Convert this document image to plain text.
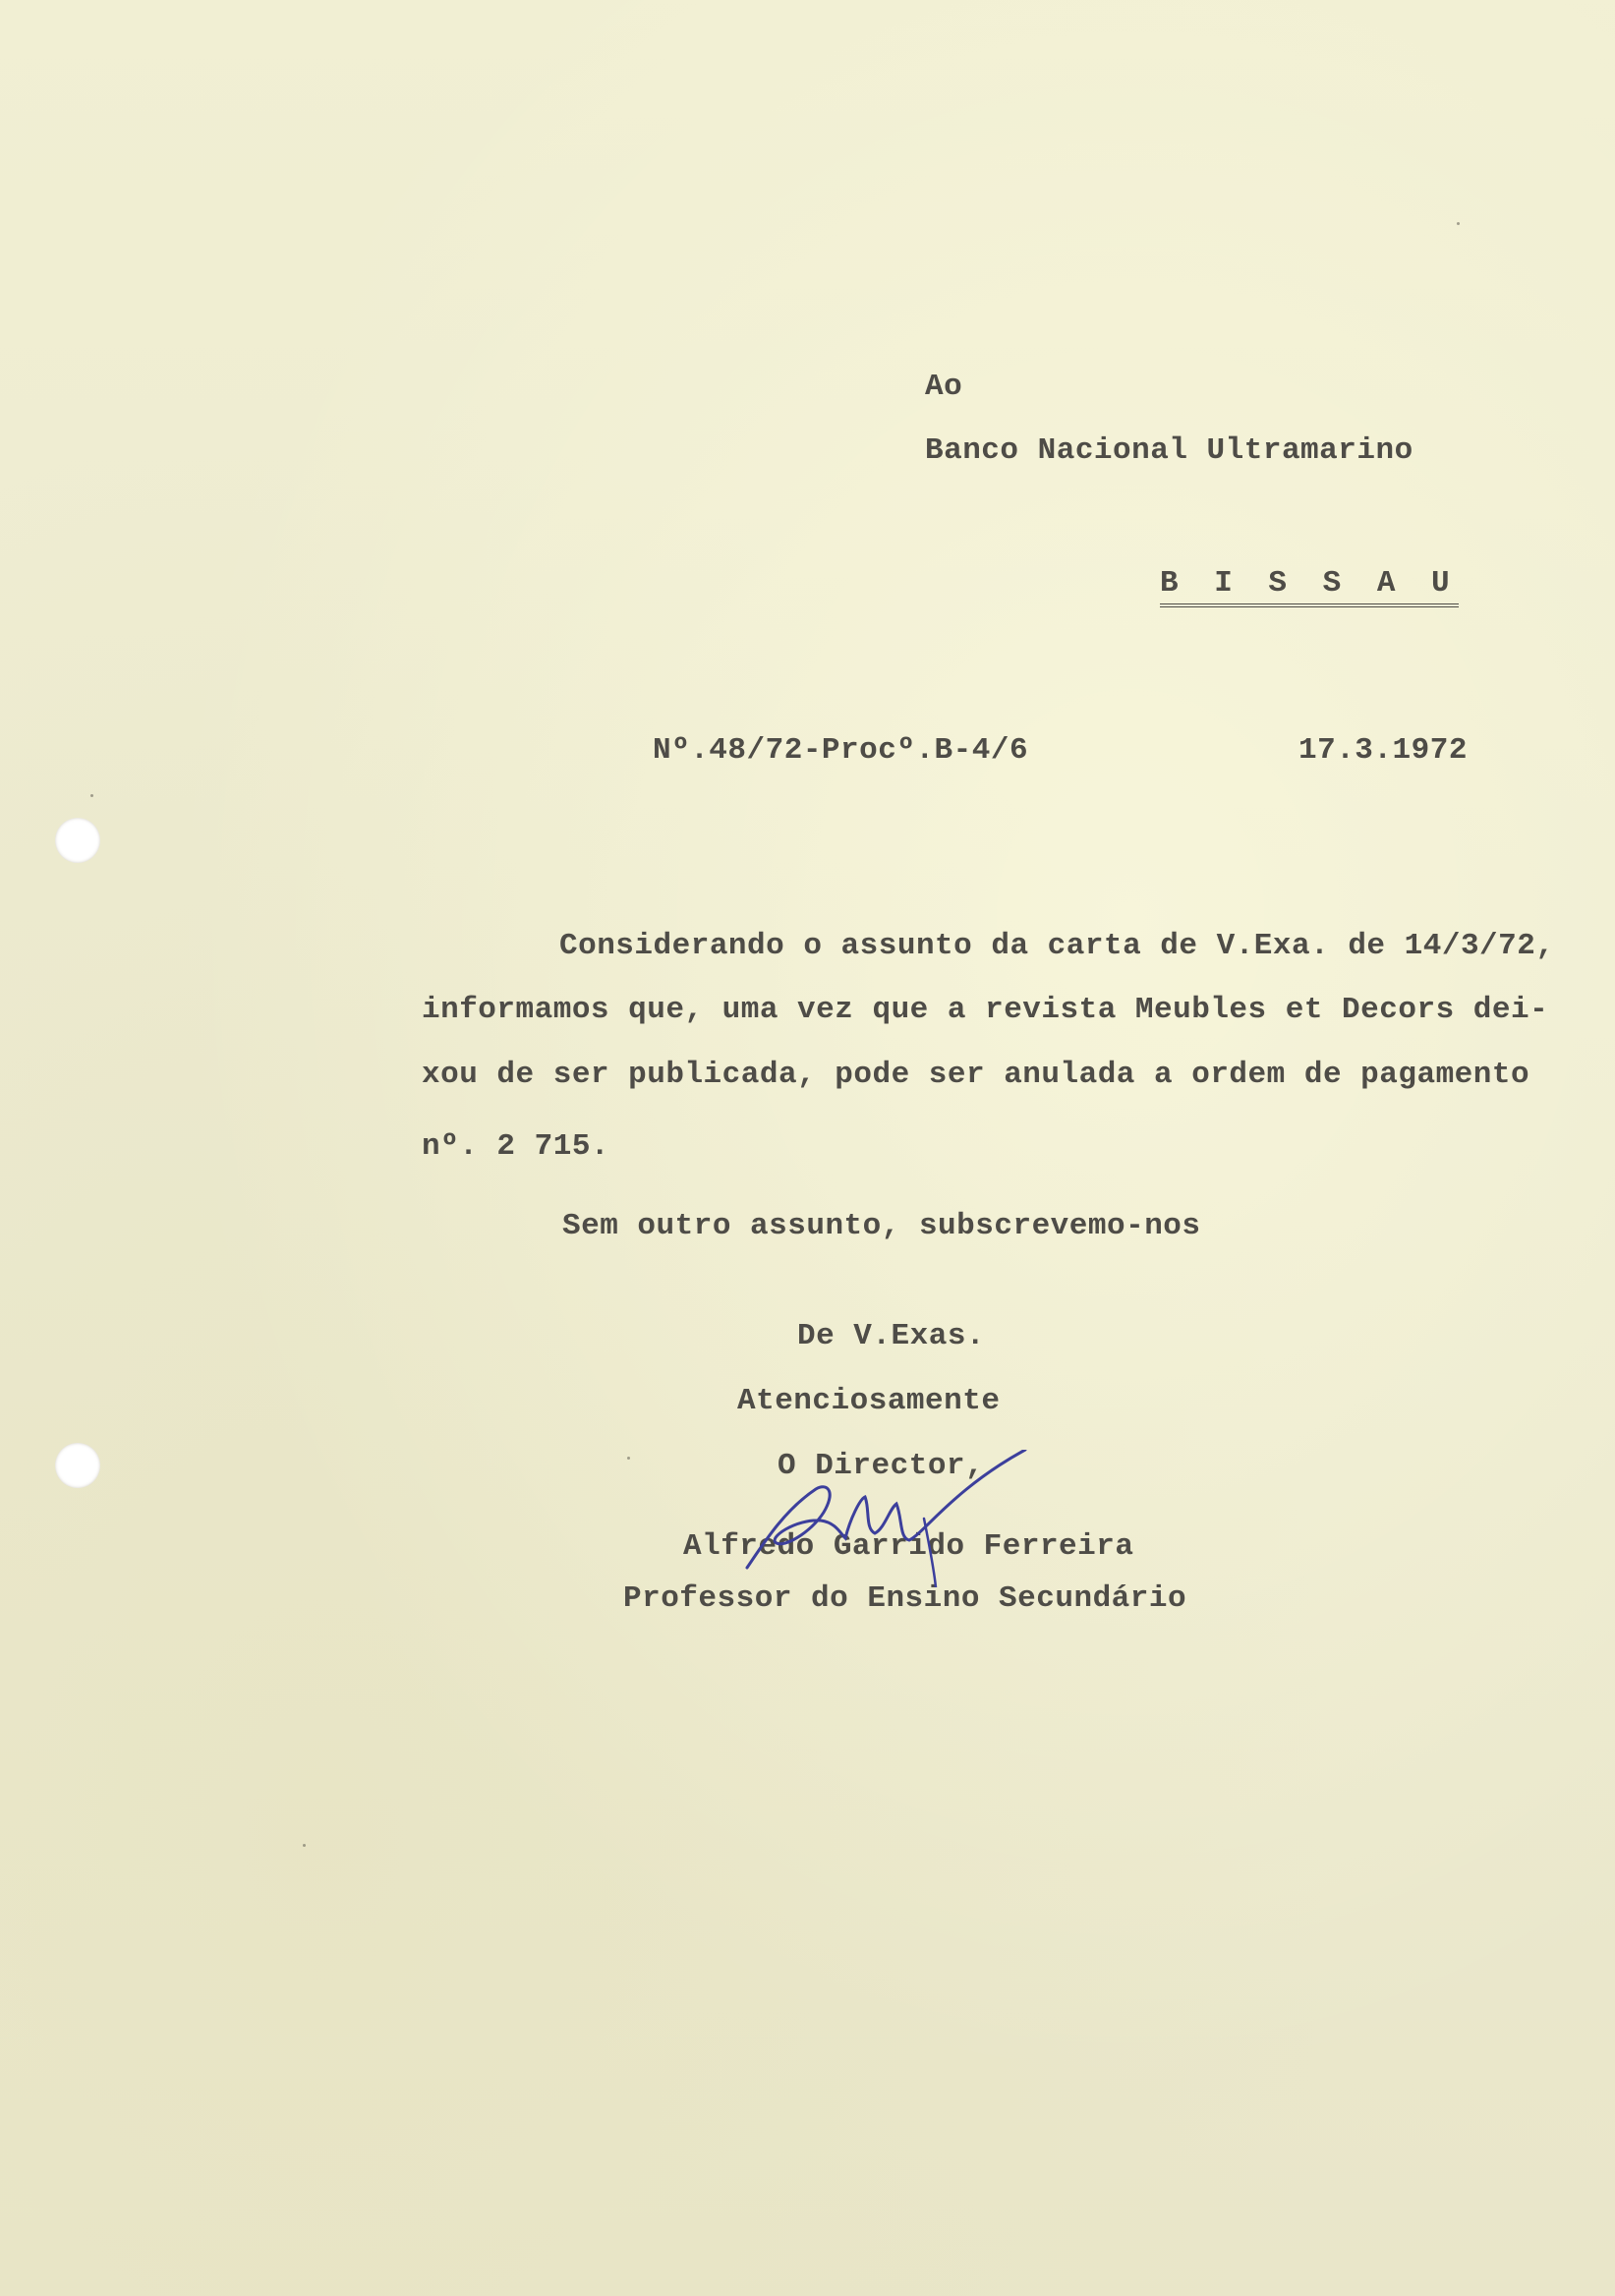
Ao
Banco Nacional Ultramarino
B I S S A U
Nº.48/72-Procº.B-4/6	17.3.1972
Considerando o assunto da carta de V.Exa. de 14/3/72,
informamos que, uma vez que a revista Meubles et Decors dei-
xou de ser publicada, pode ser anulada a ordem de pagamento
nº. 2 715.
Sem outro assunto, subscrevemo-nos
De V.Exas.
Atenciosamente
O Director,
Alfredo Garrido Ferreira
Professor do Ensino Secundário
